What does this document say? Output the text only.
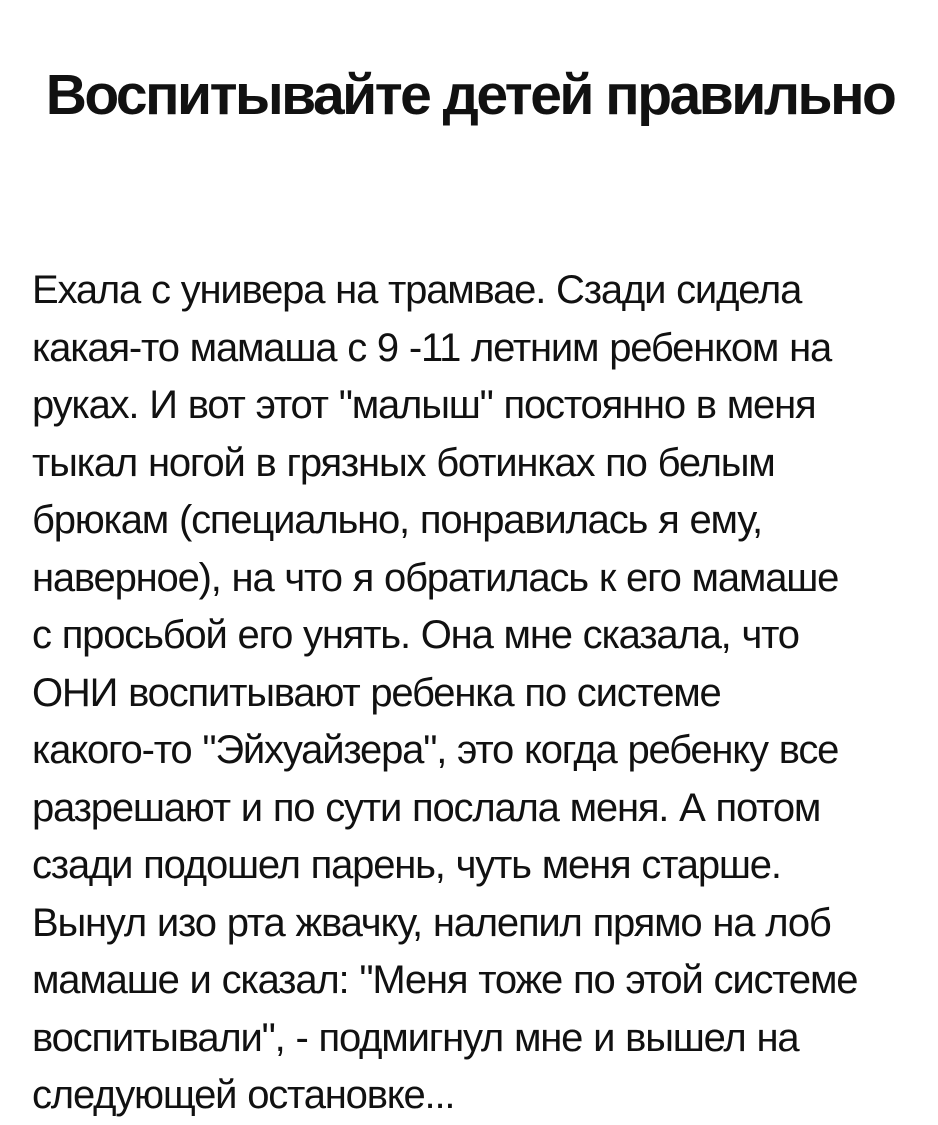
Воспитывайте детей правильно
Ехала с универа на трамвае. Сзади сидела
какая-то мамаша с 9 -11 летним ребенком на
руках. И вот этот "малыш" постоянно в меня
тыкал ногой в грязных ботинках по белым
брюкам (специально, понравилась я ему,
наверное), на что я обратилась к его мамаше
с просьбой его унять. Она мне сказала, что
ОНИ воспитывают ребенка по системе
какого-то "Эйхуайзера", это когда ребенку все
разрешают и по сути послала меня. А потом
сзади подошел парень, чуть меня старше.
Вынул изо рта жвачку, налепил прямо на лоб
мамаше и сказал: "Меня тоже по этой системе
воспитывали", - подмигнул мне и вышел на
следующей остановке...
